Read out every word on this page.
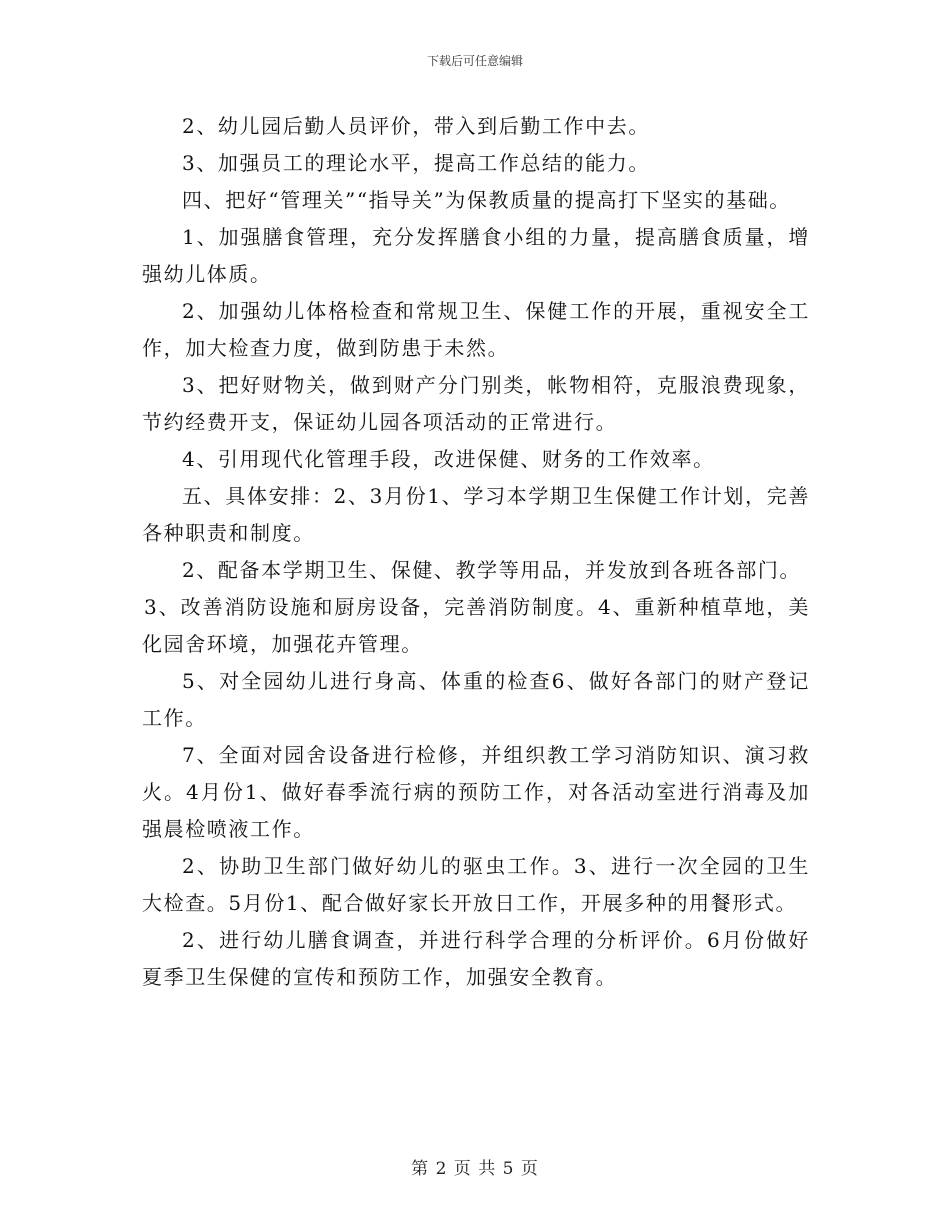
下载后可任意编辑

2、幼儿园后勤人员评价，带入到后勤工作中去。

3、加强员工的理论水平，提高工作总结的能力。

四、把好“管理关”“指导关”为保教质量的提高打下坚实的基础。

1、加强膳食管理，充分发挥膳食小组的力量，提高膳食质量，增强幼儿体质。

2、加强幼儿体格检查和常规卫生、保健工作的开展，重视安全工作，加大检查力度，做到防患于未然。

3、把好财物关，做到财产分门别类，帐物相符，克服浪费现象，节约经费开支，保证幼儿园各项活动的正常进行。

4、引用现代化管理手段，改进保健、财务的工作效率。

五、具体安排：2、3月份1、学习本学期卫生保健工作计划，完善各种职责和制度。

2、配备本学期卫生、保健、教学等用品，并发放到各班各部门。

3、改善消防设施和厨房设备，完善消防制度。4、重新种植草地，美化园舍环境，加强花卉管理。

5、对全园幼儿进行身高、体重的检查6、做好各部门的财产登记工作。

7、全面对园舍设备进行检修，并组织教工学习消防知识、演习救火。4月份1、做好春季流行病的预防工作，对各活动室进行消毒及加强晨检喷液工作。

2、协助卫生部门做好幼儿的驱虫工作。3、进行一次全园的卫生大检查。5月份1、配合做好家长开放日工作，开展多种的用餐形式。

2、进行幼儿膳食调查，并进行科学合理的分析评价。6月份做好夏季卫生保健的宣传和预防工作，加强安全教育。

第 2 页 共 5 页
